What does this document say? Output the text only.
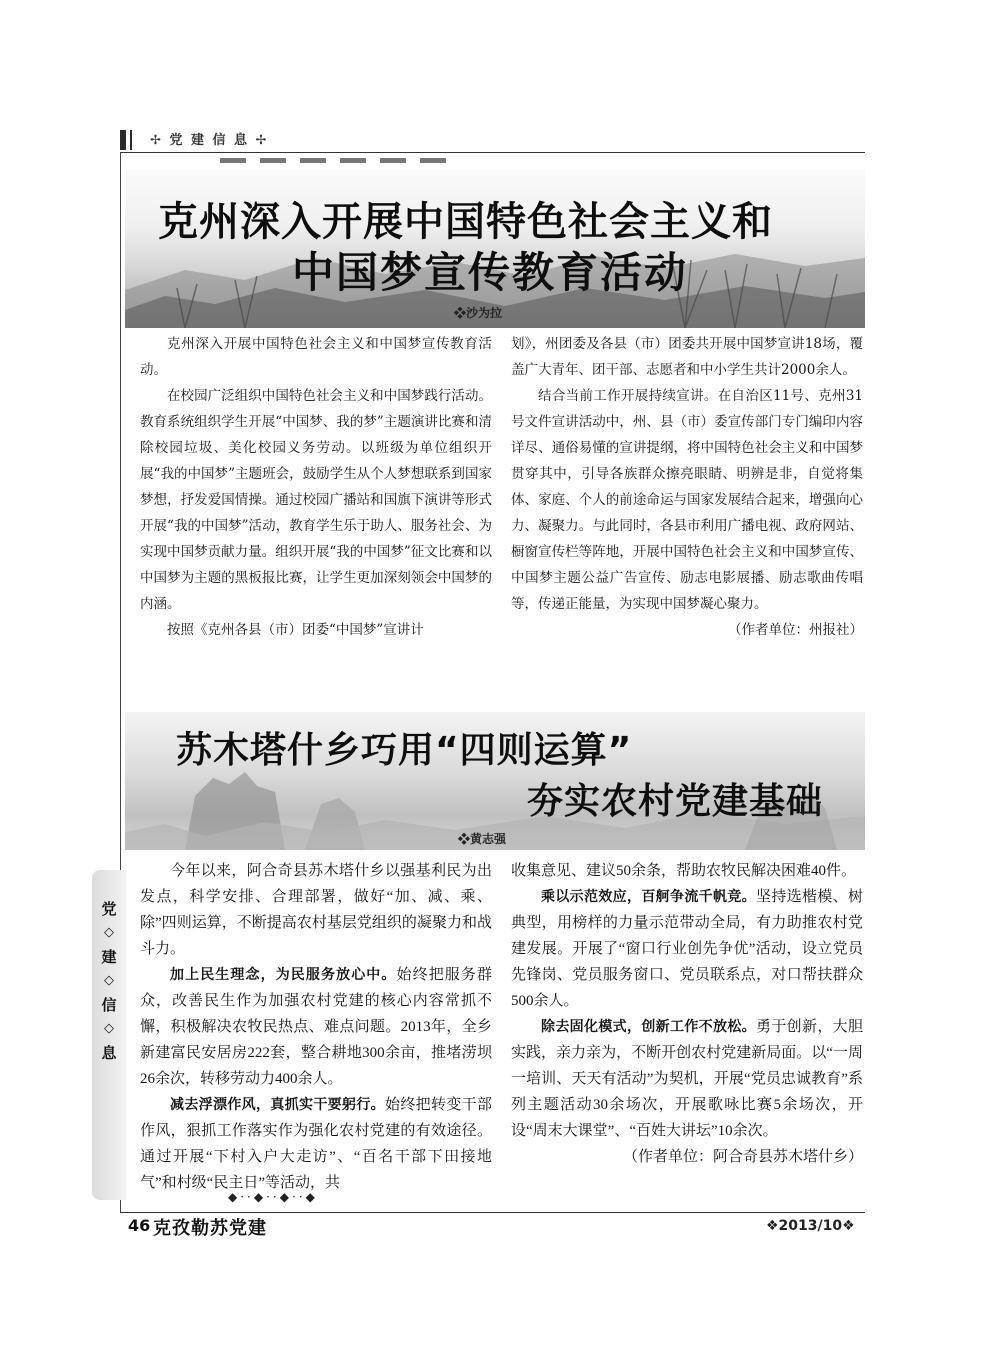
✢ 党 建 信 息 ✢
克州深入开展中国特色社会主义和
中国梦宣传教育活动
❖沙为拉

克州深入开展中国特色社会主义和中国梦宣传教育活动。

在校园广泛组织中国特色社会主义和中国梦践行活动。教育系统组织学生开展“中国梦、我的梦”主题演讲比赛和清除校园垃圾、美化校园义务劳动。以班级为单位组织开展“我的中国梦”主题班会，鼓励学生从个人梦想联系到国家梦想，抒发爱国情操。通过校园广播站和国旗下演讲等形式开展“我的中国梦”活动，教育学生乐于助人、服务社会、为实现中国梦贡献力量。组织开展“我的中国梦”征文比赛和以中国梦为主题的黑板报比赛，让学生更加深刻领会中国梦的内涵。

按照《克州各县（市）团委“中国梦”宣讲计

划》，州团委及各县（市）团委共开展中国梦宣讲18场，覆盖广大青年、团干部、志愿者和中小学生共计2000余人。

结合当前工作开展持续宣讲。在自治区11号、克州31号文件宣讲活动中，州、县（市）委宣传部门专门编印内容详尽、通俗易懂的宣讲提纲，将中国特色社会主义和中国梦贯穿其中，引导各族群众擦亮眼睛、明辨是非，自觉将集体、家庭、个人的前途命运与国家发展结合起来，增强向心力、凝聚力。与此同时，各县市利用广播电视、政府网站、橱窗宣传栏等阵地，开展中国特色社会主义和中国梦宣传、中国梦主题公益广告宣传、励志电影展播、励志歌曲传唱等，传递正能量，为实现中国梦凝心聚力。

（作者单位：州报社）

苏木塔什乡巧用“四则运算”
夯实农村党建基础
❖黄志强

今年以来，阿合奇县苏木塔什乡以强基利民为出发点，科学安排、合理部署，做好“加、减、乘、除”四则运算，不断提高农村基层党组织的凝聚力和战斗力。

加上民生理念，为民服务放心中。始终把服务群众，改善民生作为加强农村党建的核心内容常抓不懈，积极解决农牧民热点、难点问题。2013年，全乡新建富民安居房222套，整合耕地300余亩，推堵涝坝26余次，转移劳动力400余人。

减去浮漂作风，真抓实干要躬行。始终把转变干部作风，狠抓工作落实作为强化农村党建的有效途径。通过开展“下村入户大走访”、“百名干部下田接地气”和村级“民主日”等活动，共

收集意见、建议50余条，帮助农牧民解决困难40件。

乘以示范效应，百舸争流千帆竞。坚持选楷模、树典型，用榜样的力量示范带动全局，有力助推农村党建发展。开展了“窗口行业创先争优”活动，设立党员先锋岗、党员服务窗口、党员联系点，对口帮扶群众500余人。

除去固化模式，创新工作不放松。勇于创新，大胆实践，亲力亲为，不断开创农村党建新局面。以“一周一培训、天天有活动”为契机，开展“党员忠诚教育”系列主题活动30余场次，开展歌咏比赛5余场次，开设“周末大课堂”、“百姓大讲坛”10余次。
（作者单位：阿合奇县苏木塔什乡）

党
◇
建
◇
信
◇
息
◆··◆··◆··◆
46 克孜勒苏党建	❖2013/10❖
